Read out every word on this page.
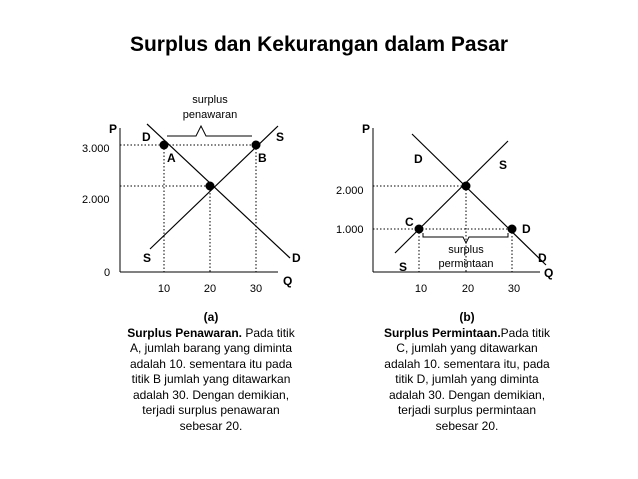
Surplus dan Kekurangan dalam Pasar
surplus
penawaran
P
Q
0
3.000
2.000
10	20	30
D	S
A	B
S	D
surplus
permintaan
P
Q
2.000
1.000
10	20	30
D	S
C	D
S
D
(a)
Surplus Penawaran. Pada titik
A, jumlah barang yang diminta
adalah 10. sementara itu pada
titik B jumlah yang ditawarkan
adalah 30. Dengan demikian,
terjadi surplus penawaran
sebesar 20.
(b)
Surplus Permintaan.Pada titik
C, jumlah yang ditawarkan
adalah 10. sementara itu, pada
titik D, jumlah yang diminta
adalah 30. Dengan demikian,
terjadi surplus permintaan
sebesar 20.
